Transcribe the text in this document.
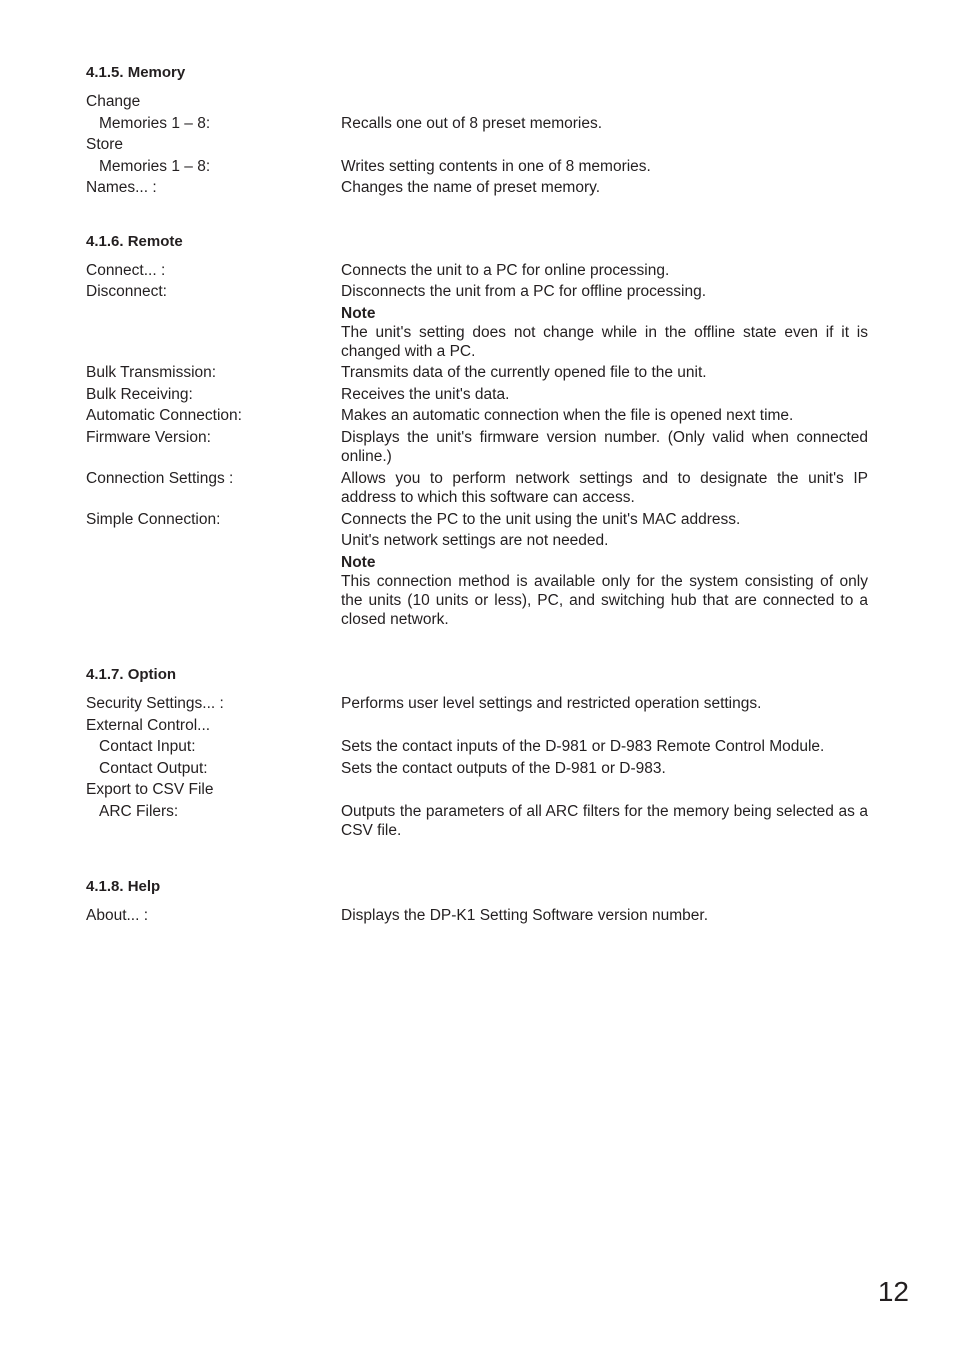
4.1.5. Memory
Change
Memories 1 – 8:	Recalls one out of 8 preset memories.
Store
Memories 1 – 8:	Writes setting contents in one of 8 memories.
Names... :	Changes the name of preset memory.
4.1.6. Remote
Connect... :	Connects the unit to a PC for online processing.
Disconnect:	Disconnects the unit from a PC for offline processing.

Note

The unit's setting does not change while in the offline state even if it is changed with a PC.

Bulk Transmission:	Transmits data of the currently opened file to the unit.
Bulk Receiving:	Receives the unit's data.
Automatic Connection:	Makes an automatic connection when the file is opened next time.
Firmware Version:	Displays the unit's firmware version number. (Only valid when connected online.)
Connection Settings :	Allows you to perform network settings and to designate the unit's IP address to which this software can access.
Simple Connection:	Connects the PC to the unit using the unit's MAC address.

Unit's network settings are not needed.

Note

This connection method is available only for the system consisting of only the units (10 units or less), PC, and switching hub that are connected to a closed network.

4.1.7. Option
Security Settings... :	Performs user level settings and restricted operation settings.
External Control...
Contact Input:	Sets the contact inputs of the D-981 or D-983 Remote Control Module.
Contact Output:	Sets the contact outputs of the D-981 or D-983.
Export to CSV File
ARC Filers:	Outputs the parameters of all ARC filters for the memory being selected as a CSV file.
4.1.8. Help
About... :	Displays the DP-K1 Setting Software version number.
12
